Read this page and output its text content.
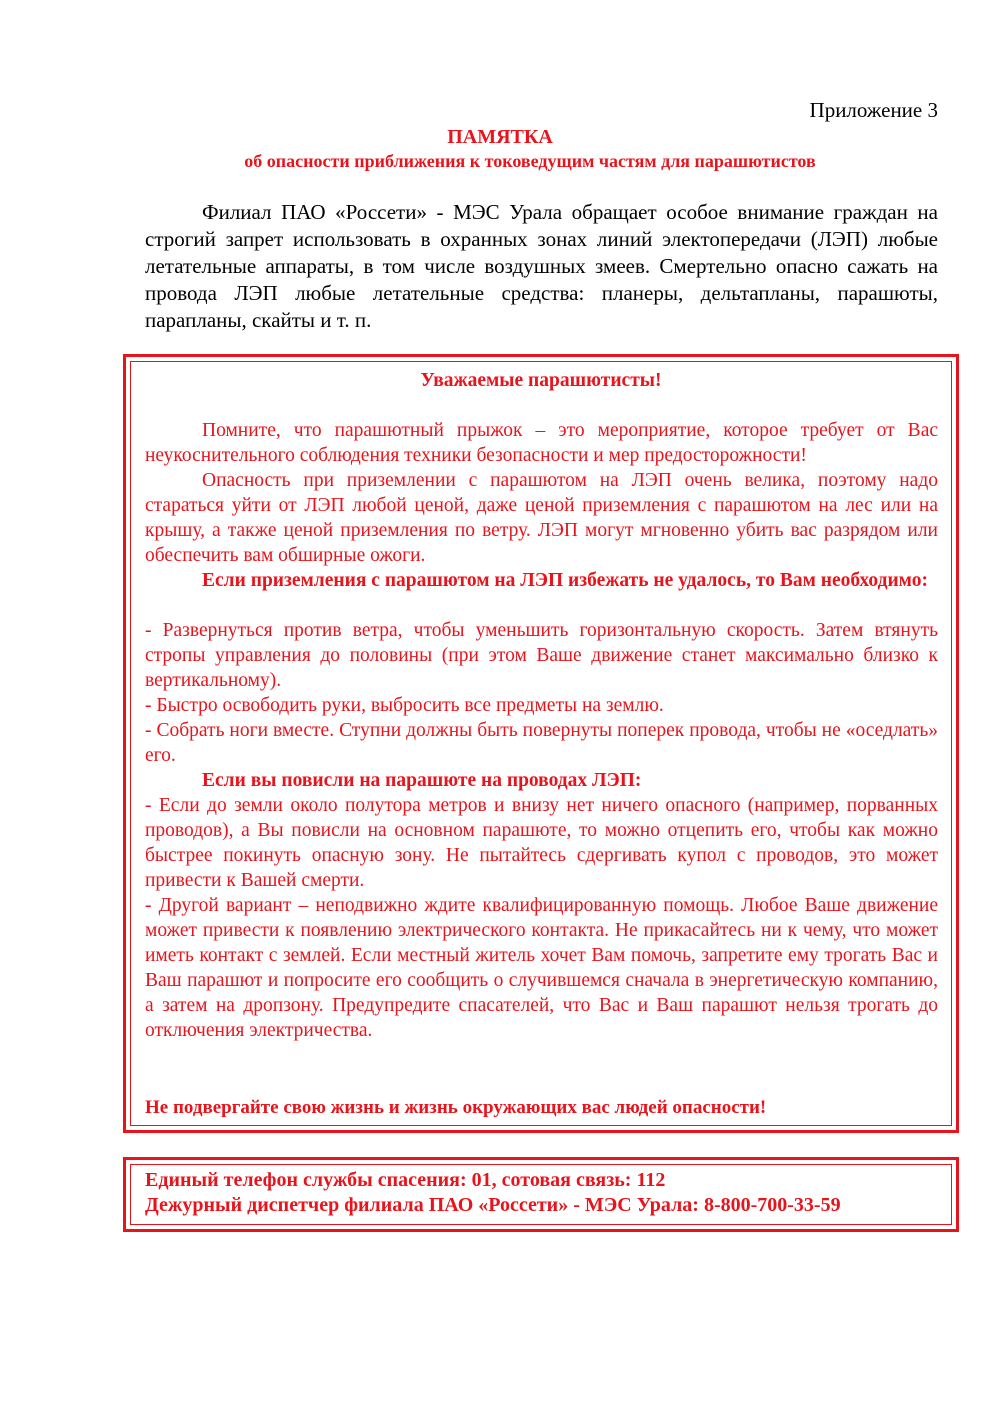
Приложение 3
ПАМЯТКА
об опасности приближения к токоведущим частям для парашютистов

Филиал ПАО «Россети» - МЭС Урала обращает особое внимание граждан на строгий запрет использовать в охранных зонах линий электопередачи (ЛЭП) любые летательные аппараты, в том числе воздушных змеев. Смертельно опасно сажать на провода ЛЭП любые летательные средства: планеры, дельтапланы, парашюты, парапланы, скайты и т. п.

Уважаемые парашютисты!

Помните, что парашютный прыжок – это мероприятие, которое требует от Вас неукоснительного соблюдения техники безопасности и мер предосторожности!

Опасность при приземлении с парашютом на ЛЭП очень велика, поэтому надо стараться уйти от ЛЭП любой ценой, даже ценой приземления с парашютом на лес или на крышу, а также ценой приземления по ветру. ЛЭП могут мгновенно убить вас разрядом или обеспечить вам обширные ожоги.

Если приземления с парашютом на ЛЭП избежать не удалось, то Вам необходимо:

- Развернуться против ветра, чтобы уменьшить горизонтальную скорость. Затем втянуть стропы управления до половины (при этом Ваше движение станет максимально близко к вертикальному).

- Быстро освободить руки, выбросить все предметы на землю.

- Собрать ноги вместе. Ступни должны быть повернуты поперек провода, чтобы не «оседлать» его.

Если вы повисли на парашюте на проводах ЛЭП:

- Если до земли около полутора метров и внизу нет ничего опасного (например, порванных проводов), а Вы повисли на основном парашюте, то можно отцепить его, чтобы как можно быстрее покинуть опасную зону. Не пытайтесь сдергивать купол с проводов, это может привести к Вашей смерти.

- Другой вариант – неподвижно ждите квалифицированную помощь. Любое Ваше движение может привести к появлению электрического контакта. Не прикасайтесь ни к чему, что может иметь контакт с землей. Если местный житель хочет Вам помочь, запретите ему трогать Вас и Ваш парашют и попросите его сообщить о случившемся сначала в энергетическую компанию, а затем на дропзону. Предупредите спасателей, что Вас и Ваш парашют нельзя трогать до отключения электричества.

Не подвергайте свою жизнь и жизнь окружающих вас людей опасности!

Единый телефон службы спасения: 01, сотовая связь: 112
Дежурный диспетчер филиала ПАО «Россети» - МЭС Урала: 8-800-700-33-59
